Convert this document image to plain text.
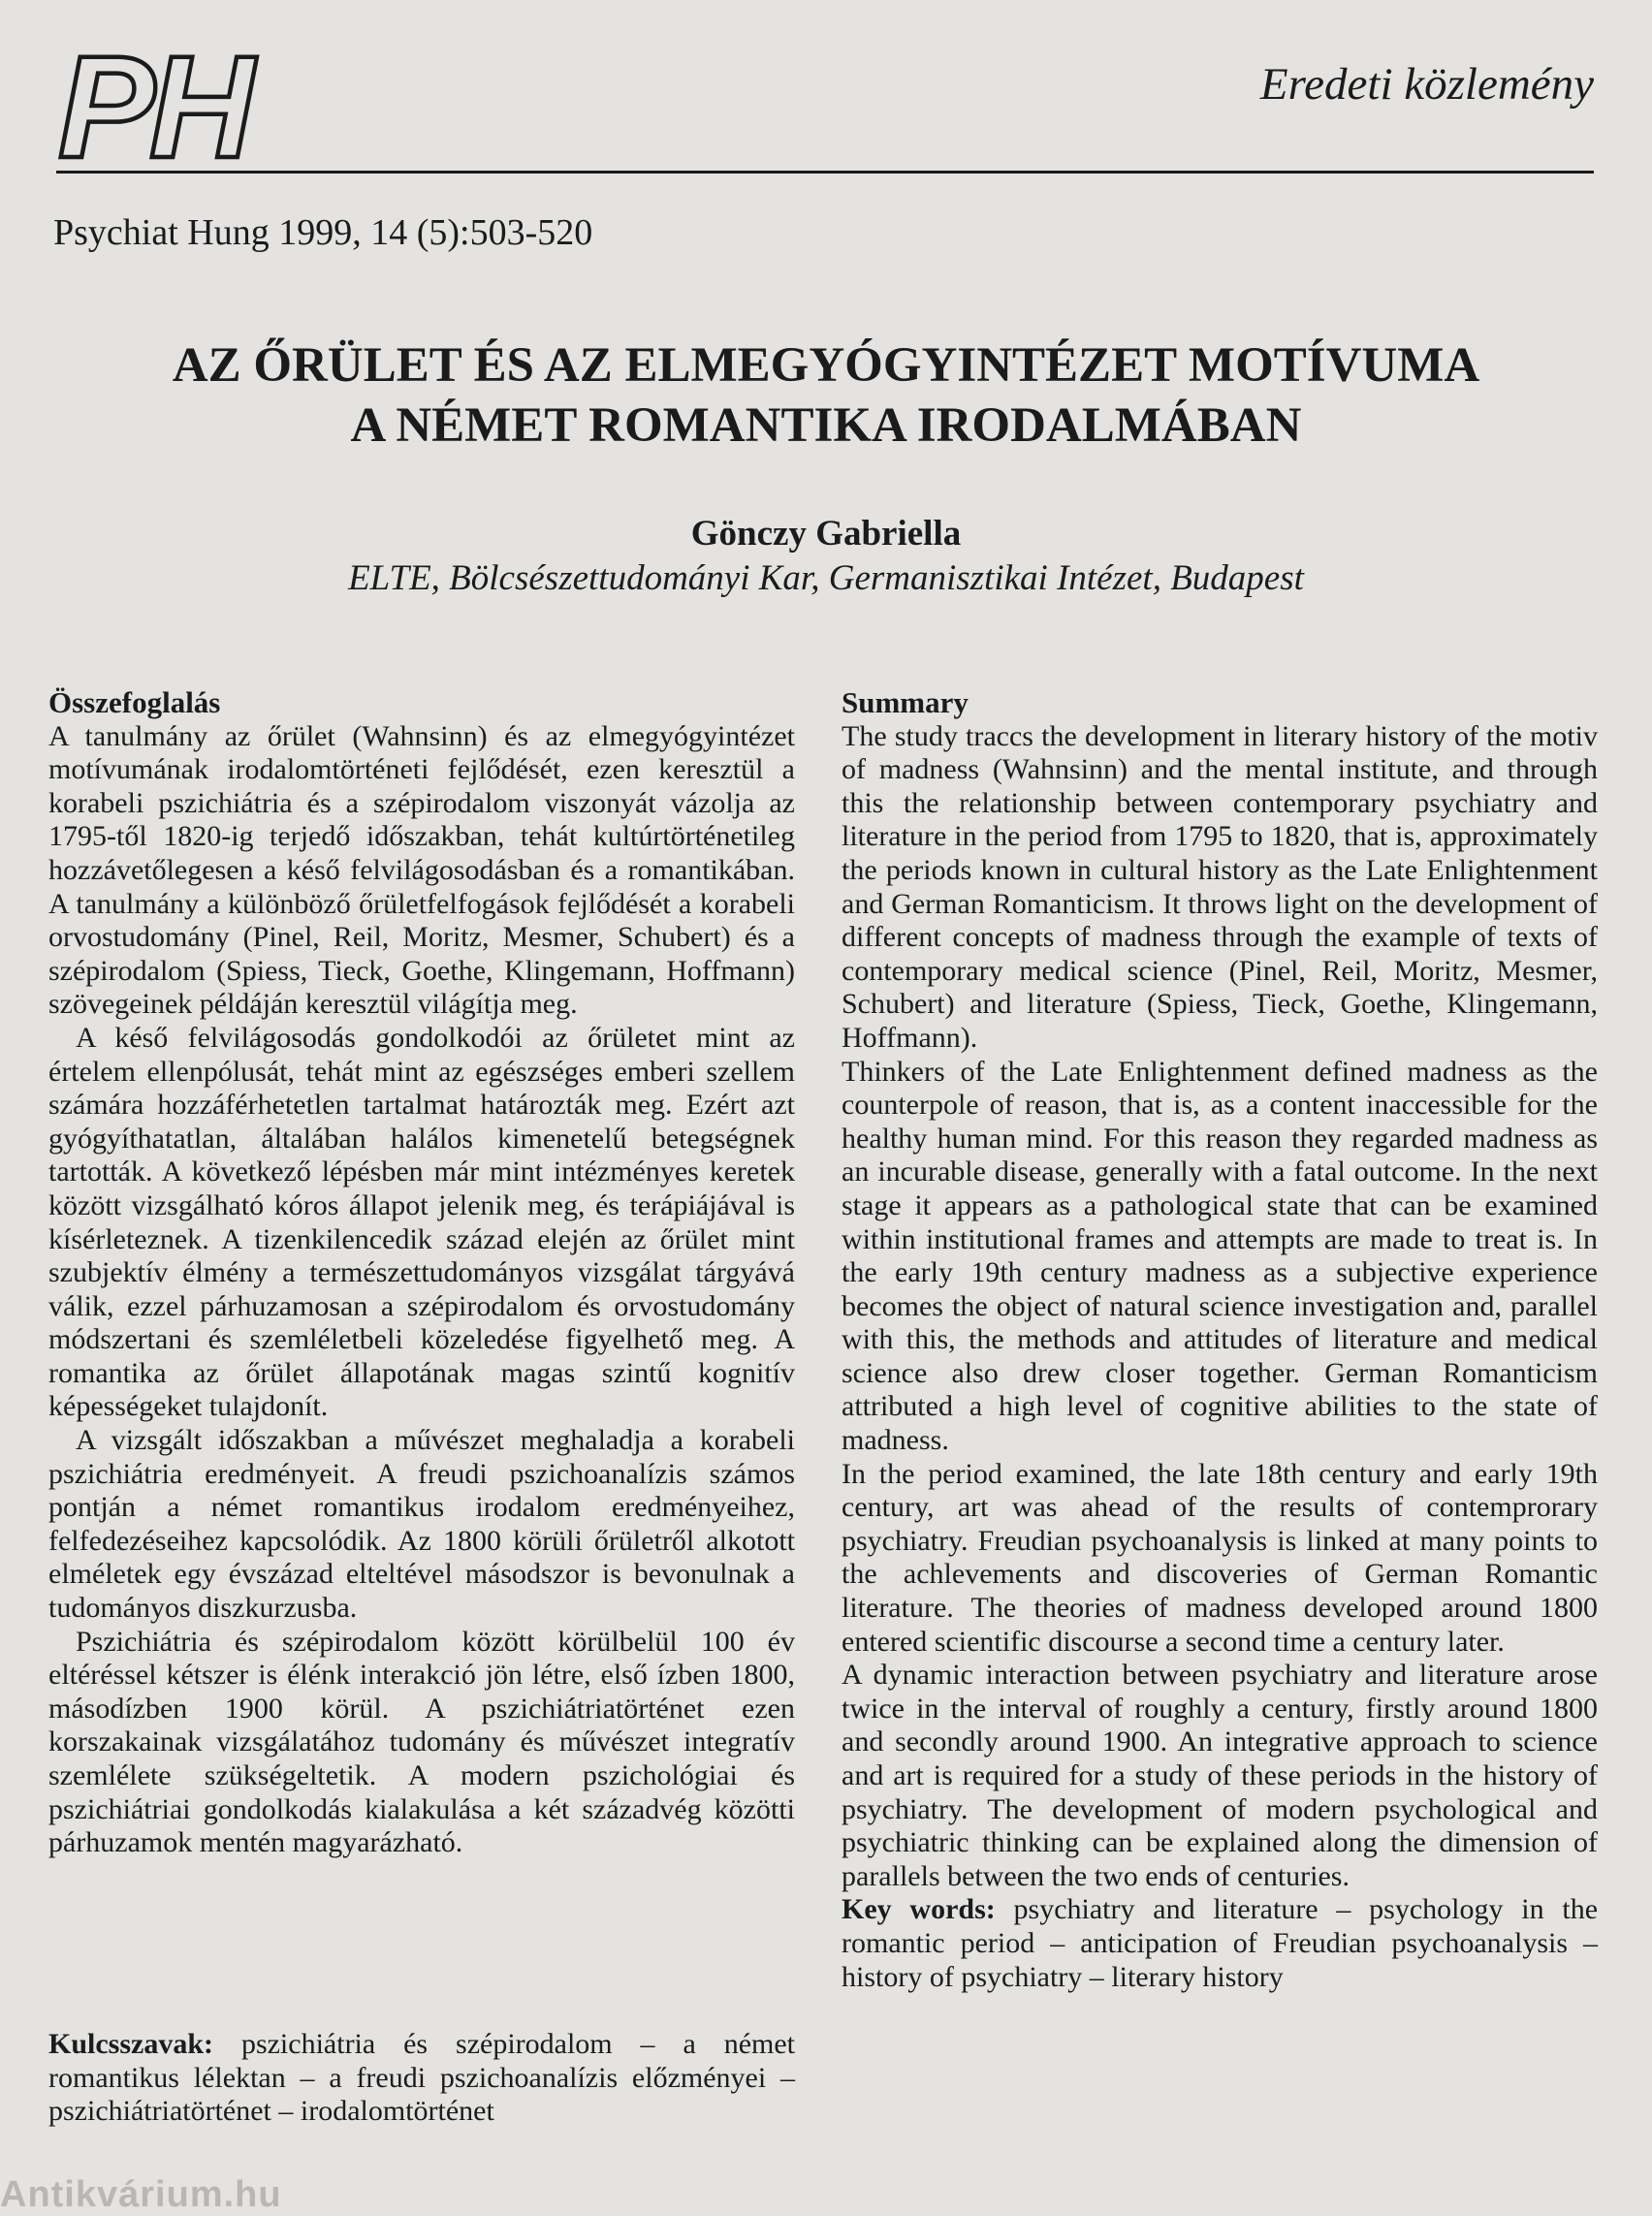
PH	Eredeti közlemény
Psychiat Hung 1999, 14 (5):503-520
AZ ŐRÜLET ÉS AZ ELMEGYÓGYINTÉZET MOTÍVUMA
A NÉMET ROMANTIKA IRODALMÁBAN
Gönczy Gabriella
ELTE, Bölcsészettudományi Kar, Germanisztikai Intézet, Budapest
Összefoglalás

A tanulmány az őrület (Wahnsinn) és az elmegyógyintézet motívumának irodalomtörténeti fejlődését, ezen keresztül a korabeli pszichiátria és a szépirodalom viszonyát vázolja az 1795-től 1820-ig terjedő időszakban, tehát kultúrtörténetileg hozzávetőlegesen a késő felvilágosodásban és a romantikában. A tanulmány a különböző őrületfelfogások fejlődését a korabeli orvostudomány (Pinel, Reil, Moritz, Mesmer, Schubert) és a szépirodalom (Spiess, Tieck, Goethe, Klingemann, Hoffmann) szövegeinek példáján keresztül világítja meg.

A késő felvilágosodás gondolkodói az őrületet mint az értelem ellenpólusát, tehát mint az egészséges emberi szellem számára hozzáférhetetlen tartalmat határozták meg. Ezért azt gyógyíthatatlan, általában halálos kimenetelű betegségnek tartották. A következő lépésben már mint intézményes keretek között vizsgálható kóros állapot jelenik meg, és terápiájával is kísérleteznek. A tizenkilencedik század elején az őrület mint szubjektív élmény a természettudományos vizsgálat tárgyává válik, ezzel párhuzamosan a szépirodalom és orvostudomány módszertani és szemléletbeli közeledése figyelhető meg. A romantika az őrület állapotának magas szintű kognitív képességeket tulajdonít.

A vizsgált időszakban a művészet meghaladja a korabeli pszichiátria eredményeit. A freudi pszichoanalízis számos pontján a német romantikus irodalom eredményeihez, felfedezéseihez kapcsolódik. Az 1800 körüli őrületről alkotott elméletek egy évszázad elteltével másodszor is bevonulnak a tudományos diszkurzusba.

Pszichiátria és szépirodalom között körülbelül 100 év eltéréssel kétszer is élénk interakció jön létre, első ízben 1800, másodízben 1900 körül. A pszichiátriatörténet ezen korszakainak vizsgálatához tudomány és művészet integratív szemlélete szükségeltetik. A modern pszichológiai és pszichiátriai gondolkodás kialakulása a két századvég közötti párhuzamok mentén magyarázható.

Kulcsszavak: pszichiátria és szépirodalom – a német romantikus lélektan – a freudi pszichoanalízis előzményei – pszichiátriatörténet – irodalomtörténet
Summary

The study traccs the development in literary history of the motiv of madness (Wahnsinn) and the mental institute, and through this the relationship between contemporary psychiatry and literature in the period from 1795 to 1820, that is, approximately the periods known in cultural history as the Late Enlightenment and German Romanticism. It throws light on the development of different concepts of madness through the example of texts of contemporary medical science (Pinel, Reil, Moritz, Mesmer, Schubert) and literature (Spiess, Tieck, Goethe, Klingemann, Hoffmann).

Thinkers of the Late Enlightenment defined madness as the counterpole of reason, that is, as a content inaccessible for the healthy human mind. For this reason they regarded madness as an incurable disease, generally with a fatal outcome. In the next stage it appears as a pathological state that can be examined within institutional frames and attempts are made to treat is. In the early 19th century madness as a subjective experience becomes the object of natural science investigation and, parallel with this, the methods and attitudes of literature and medical science also drew closer together. German Romanticism attributed a high level of cognitive abilities to the state of madness.

In the period examined, the late 18th century and early 19th century, art was ahead of the results of contemprorary psychiatry. Freudian psychoanalysis is linked at many points to the achlevements and discoveries of German Romantic literature. The theories of madness developed around 1800 entered scientific discourse a second time a century later.

A dynamic interaction between psychiatry and literature arose twice in the interval of roughly a century, firstly around 1800 and secondly around 1900. An integrative approach to science and art is required for a study of these periods in the history of psychiatry. The development of modern psychological and psychiatric thinking can be explained along the dimension of parallels between the two ends of centuries.

Key words: psychiatry and literature – psychology in the romantic period – anticipation of Freudian psychoanalysis – history of psychiatry – literary history

Antikvárium.hu
